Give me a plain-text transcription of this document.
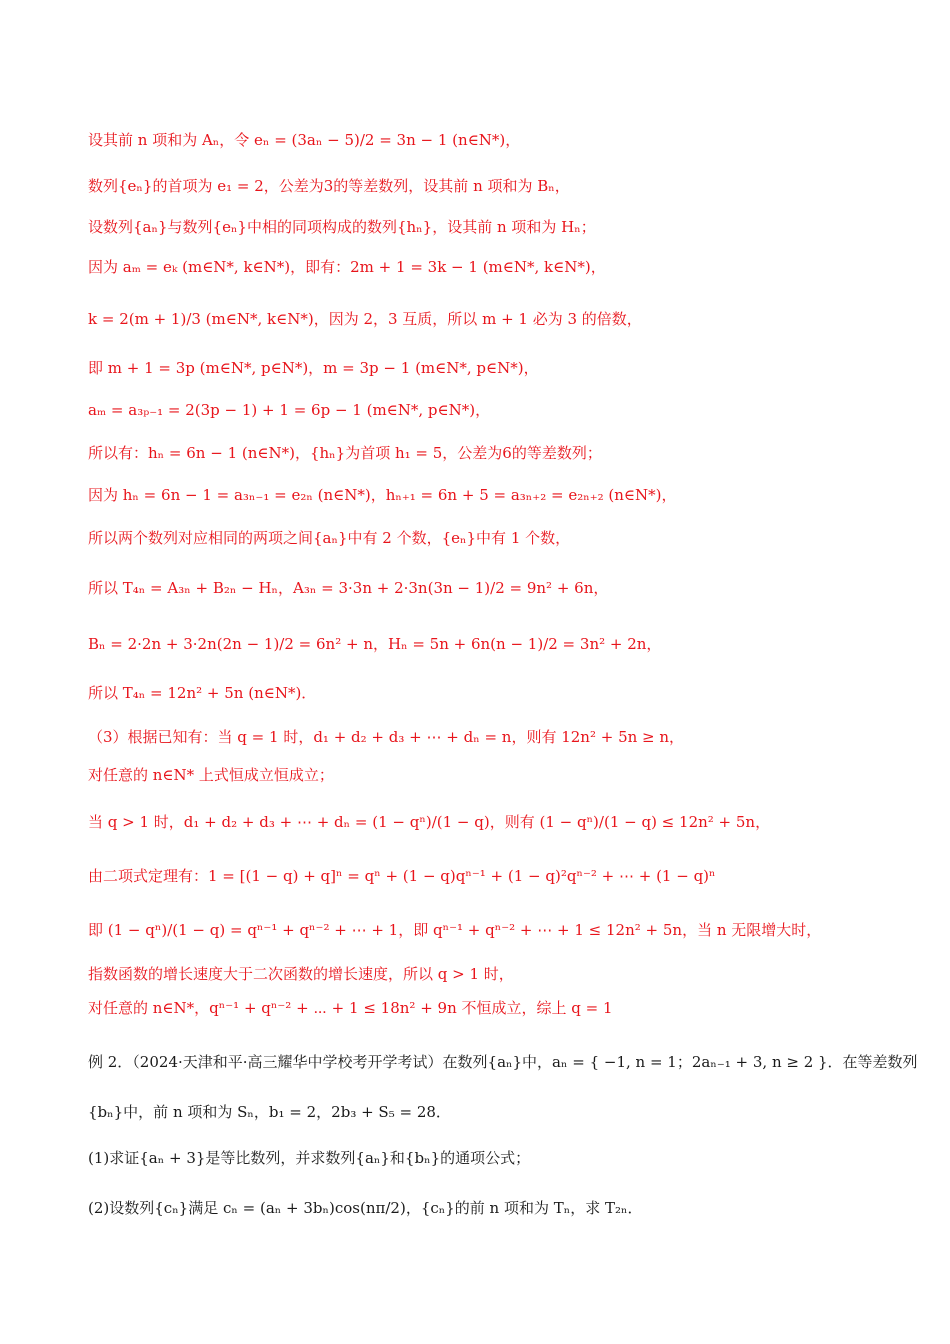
设其前 n 项和为 Aₙ，令 eₙ = (3aₙ − 5)/2 = 3n − 1 (n∈N*)，
数列{eₙ}的首项为 e₁ = 2，公差为3的等差数列，设其前 n 项和为 Bₙ，
设数列{aₙ}与数列{eₙ}中相的同项构成的数列{hₙ}，设其前 n 项和为 Hₙ；
因为 aₘ = eₖ (m∈N*, k∈N*)，即有：2m + 1 = 3k − 1 (m∈N*, k∈N*)，
k = 2(m + 1)/3 (m∈N*, k∈N*)，因为 2，3 互质，所以 m + 1 必为 3 的倍数，
即 m + 1 = 3p (m∈N*, p∈N*)，m = 3p − 1 (m∈N*, p∈N*)，
aₘ = a₃ₚ₋₁ = 2(3p − 1) + 1 = 6p − 1 (m∈N*, p∈N*)，
所以有：hₙ = 6n − 1 (n∈N*)，{hₙ}为首项 h₁ = 5，公差为6的等差数列；
因为 hₙ = 6n − 1 = a₃ₙ₋₁ = e₂ₙ (n∈N*)，hₙ₊₁ = 6n + 5 = a₃ₙ₊₂ = e₂ₙ₊₂ (n∈N*)，
所以两个数列对应相同的两项之间{aₙ}中有 2 个数，{eₙ}中有 1 个数，
所以 T₄ₙ = A₃ₙ + B₂ₙ − Hₙ，A₃ₙ = 3·3n + 2·3n(3n − 1)/2 = 9n² + 6n，
Bₙ = 2·2n + 3·2n(2n − 1)/2 = 6n² + n，Hₙ = 5n + 6n(n − 1)/2 = 3n² + 2n，
所以 T₄ₙ = 12n² + 5n (n∈N*)．
（3）根据已知有：当 q = 1 时，d₁ + d₂ + d₃ + ⋯ + dₙ = n，则有 12n² + 5n ≥ n，
对任意的 n∈N* 上式恒成立恒成立；
当 q > 1 时，d₁ + d₂ + d₃ + ⋯ + dₙ = (1 − qⁿ)/(1 − q)，则有 (1 − qⁿ)/(1 − q) ≤ 12n² + 5n，
由二项式定理有：1 = [(1 − q) + q]ⁿ = qⁿ + (1 − q)qⁿ⁻¹ + (1 − q)²qⁿ⁻² + ⋯ + (1 − q)ⁿ
即 (1 − qⁿ)/(1 − q) = qⁿ⁻¹ + qⁿ⁻² + ⋯ + 1，即 qⁿ⁻¹ + qⁿ⁻² + ⋯ + 1 ≤ 12n² + 5n，当 n 无限增大时，
指数函数的增长速度大于二次函数的增长速度，所以 q > 1 时，
对任意的 n∈N*，qⁿ⁻¹ + qⁿ⁻² + ⋯ + 1 ≤ 18n² + 9n 不恒成立，综上 q = 1
例 2．（2024·天津和平·高三耀华中学校考开学考试）在数列{aₙ}中，aₙ = { −1, n = 1；2aₙ₋₁ + 3, n ≥ 2 }．在等差数列
{bₙ}中，前 n 项和为 Sₙ，b₁ = 2，2b₃ + S₅ = 28．
(1)求证{aₙ + 3}是等比数列，并求数列{aₙ}和{bₙ}的通项公式；
(2)设数列{cₙ}满足 cₙ = (aₙ + 3bₙ)cos(nπ/2)，{cₙ}的前 n 项和为 Tₙ，求 T₂ₙ．
